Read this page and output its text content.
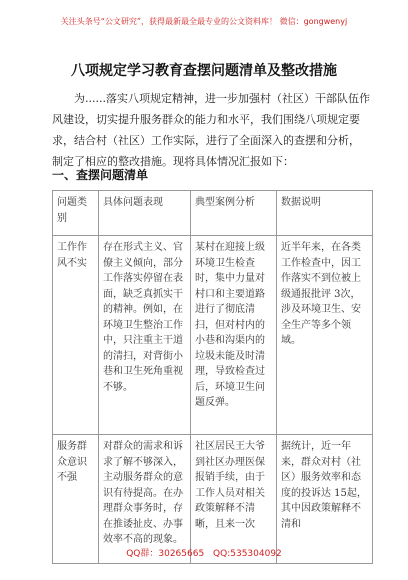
关注头条号“公文研究”，获得最新最全最专业的公文资料库！ 微信：gongwenyj
八项规定学习教育查摆问题清单及整改措施

为......落实八项规定精神，进一步加强村（社区）干部队伍作风建设，切实提升服务群众的能力和水平，我们围绕八项规定要求，结合村（社区）工作实际，进行了全面深入的查摆和分析，制定了相应的整改措施。现将具体情况汇报如下：

一、查摆问题清单
问题类别	具体问题表现	典型案例分析	数据说明
工作作风不实	存在形式主义、官僚主义倾向，部分工作落实停留在表面，缺乏真抓实干的精神。例如，在环境卫生整治工作中，只注重主干道的清扫，对背街小巷和卫生死角重视不够。	某村在迎接上级环境卫生检查时，集中力量对村口和主要道路进行了彻底清扫，但对村内的小巷和沟渠内的垃圾未能及时清理，导致检查过后，环境卫生问题反弹。	近半年来，在各类工作检查中，因工作落实不到位被上级通报批评 3次，涉及环境卫生、安全生产等多个领域。
服务群众意识不强	对群众的需求和诉求了解不够深入，主动服务群众的意识有待提高。在办理群众事务时，存在推诿扯皮、办事效率不高的现象。	社区居民王大爷到社区办理医保报销手续，由于工作人员对相关政策解释不清晰，且来一次	据统计，近一年来，群众对村（社区）服务效率和态度的投诉达 15起，其中因政策解释不清和
QQ群：30265665 QQ:535304092
